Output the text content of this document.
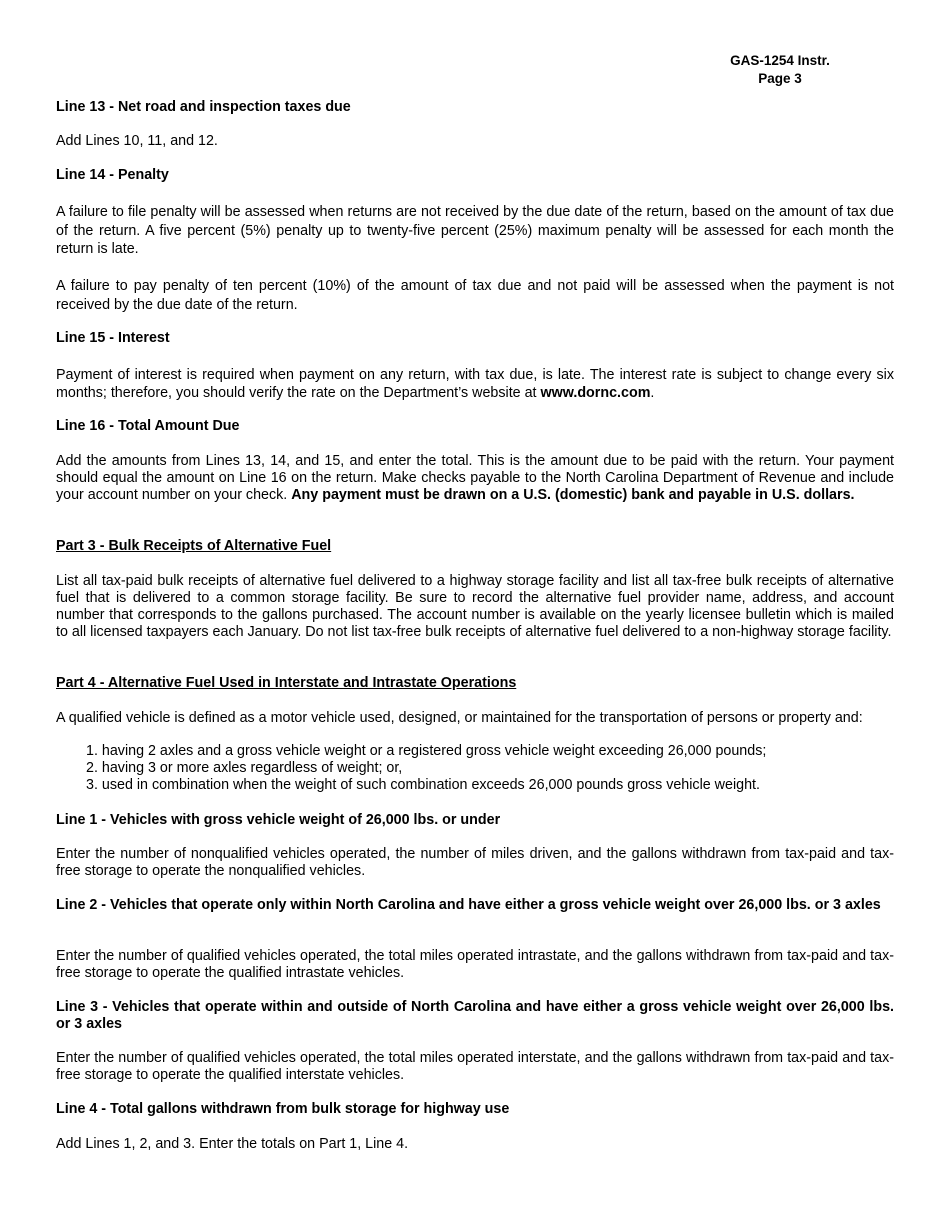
GAS-1254 Instr.
Page 3
Line 13 - Net road and inspection taxes due
Add Lines 10, 11, and 12.
Line 14 - Penalty
A failure to file penalty will be assessed when returns are not received by the due date of the return, based on the amount of tax due of the return. A five percent (5%) penalty up to twenty-five percent (25%) maximum penalty will be assessed for each month the return is late.
A failure to pay penalty of ten percent (10%) of the amount of tax due and not paid will be assessed when the payment is not received by the due date of the return.
Line 15 - Interest
Payment of interest is required when payment on any return, with tax due, is late. The interest rate is subject to change every six months; therefore, you should verify the rate on the Department’s website at www.dornc.com.
Line 16 - Total Amount Due
Add the amounts from Lines 13, 14, and 15, and enter the total. This is the amount due to be paid with the return. Your payment should equal the amount on Line 16 on the return. Make checks payable to the North Carolina Department of Revenue and include your account number on your check. Any payment must be drawn on a U.S. (domestic) bank and payable in U.S. dollars.
Part 3 - Bulk Receipts of Alternative Fuel
List all tax-paid bulk receipts of alternative fuel delivered to a highway storage facility and list all tax-free bulk receipts of alternative fuel that is delivered to a common storage facility. Be sure to record the alternative fuel provider name, address, and account number that corresponds to the gallons purchased. The account number is available on the yearly licensee bulletin which is mailed to all licensed taxpayers each January. Do not list tax-free bulk receipts of alternative fuel delivered to a non-highway storage facility.
Part 4 - Alternative Fuel Used in Interstate and Intrastate Operations
A qualified vehicle is defined as a motor vehicle used, designed, or maintained for the transportation of persons or property and:
1. having 2 axles and a gross vehicle weight or a registered gross vehicle weight exceeding 26,000 pounds;
2. having 3 or more axles regardless of weight; or,
3. used in combination when the weight of such combination exceeds 26,000 pounds gross vehicle weight.
Line 1 - Vehicles with gross vehicle weight of 26,000 lbs. or under
Enter the number of nonqualified vehicles operated, the number of miles driven, and the gallons withdrawn from tax-paid and tax-free storage to operate the nonqualified vehicles.
Line 2 - Vehicles that operate only within North Carolina and have either a gross vehicle weight over 26,000 lbs. or 3 axles
Enter the number of qualified vehicles operated, the total miles operated intrastate, and the gallons withdrawn from tax-paid and tax-free storage to operate the qualified intrastate vehicles.
Line 3 - Vehicles that operate within and outside of North Carolina and have either a gross vehicle weight over 26,000 lbs. or 3 axles
Enter the number of qualified vehicles operated, the total miles operated interstate, and the gallons withdrawn from tax-paid and tax-free storage to operate the qualified interstate vehicles.
Line 4 - Total gallons withdrawn from bulk storage for highway use
Add Lines 1, 2, and 3. Enter the totals on Part 1, Line 4.
